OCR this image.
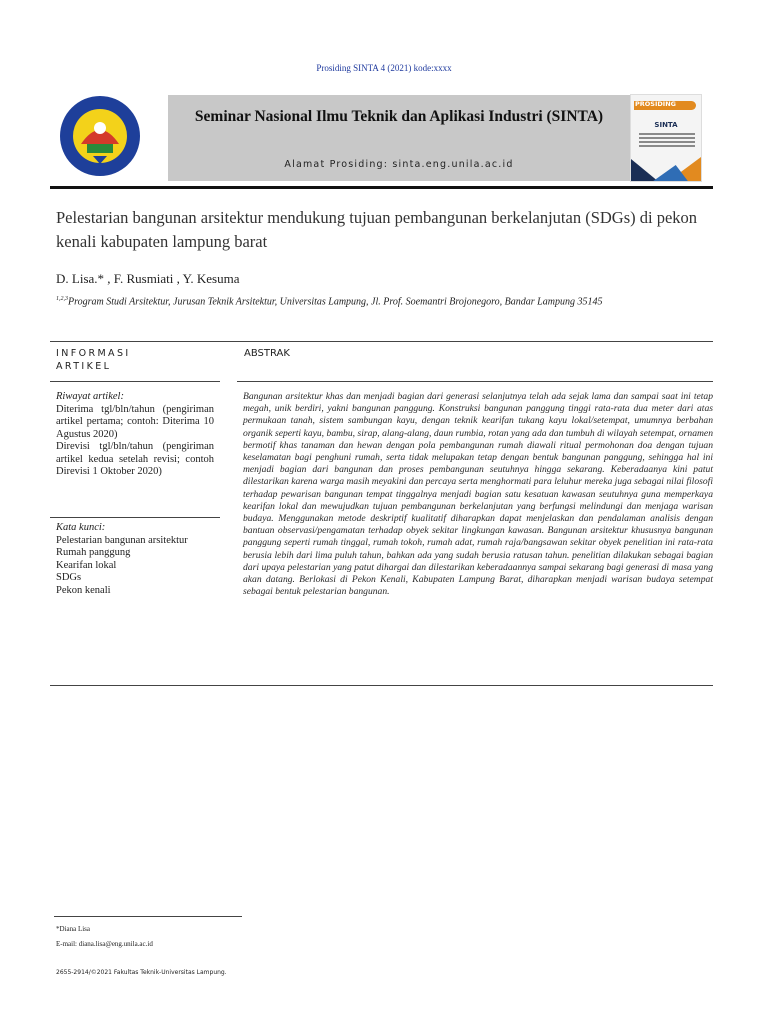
Prosiding SINTA 4 (2021) kode:xxxx
Seminar Nasional Ilmu Teknik dan Aplikasi Industri (SINTA)
Alamat Prosiding: sinta.eng.unila.ac.id
PROSIDING
SINTA
Pelestarian bangunan arsitektur mendukung tujuan pembangunan berkelanjutan (SDGs) di pekon kenali kabupaten lampung barat
D. Lisa.* , F. Rusmiati , Y. Kesuma
$^{1,2,3}$Program Studi Arsitektur, Jurusan Teknik Arsitektur, Universitas Lampung, Jl. Prof. Soemantri Brojonegoro, Bandar Lampung 35145
INFORMASI ARTIKEL
ABSTRAK
Riwayat artikel:
Diterima tgl/bln/tahun (pengiriman artikel pertama; contoh: Diterima 10 Agustus 2020)
Direvisi tgl/bln/tahun (pengiriman artikel kedua setelah revisi; contoh Direvisi 1 Oktober 2020)
Kata kunci:
Pelestarian bangunan arsitektur
Rumah panggung
Kearifan lokal
SDGs
Pekon kenali
Bangunan arsitektur khas dan menjadi bagian dari generasi selanjutnya telah ada sejak lama dan sampai saat ini tetap megah, unik berdiri, yakni bangunan panggung. Konstruksi bangunan panggung tinggi rata-rata dua meter dari atas permukaan tanah, sistem sambungan kayu, dengan teknik kearifan tukang kayu lokal/setempat, umumnya berbahan organik seperti kayu, bambu, sirap, alang-alang, daun rumbia, rotan yang ada dan tumbuh di wilayah setempat, ornamen bermotif khas tanaman dan hewan dengan pola pembangunan rumah diawali ritual permohonan doa dengan tujuan keselamatan bagi penghuni rumah, serta tidak melupakan tetap dengan bentuk bangunan panggung, sehingga hal ini menjadi bagian dari bangunan dan proses pembangunan seutuhnya hingga sekarang. Keberadaanya kini patut dilestarikan karena warga masih meyakini dan percaya serta menghormati para leluhur mereka juga sebagai nilai filosofi terhadap pewarisan bangunan tempat tinggalnya menjadi bagian satu kesatuan kawasan seutuhnya guna memperkaya kearifan lokal dan mewujudkan tujuan pembangunan berkelanjutan yang berfungsi melindungi dan menjaga warisan budaya. Menggunakan metode deskriptif kualitatif diharapkan dapat menjelaskan dan pendalaman analisis dengan bantuan observasi/pengamatan terhadap obyek sekitar lingkungan kawasan. Bangunan arsitektur khususnya bangunan panggung seperti rumah tinggal, rumah tokoh, rumah adat, rumah raja/bangsawan sekitar obyek penelitian ini rata-rata berusia lebih dari lima puluh tahun, bahkan ada yang sudah berusia ratusan tahun. penelitian dilakukan sebagai bagian dari upaya pelestarian yang patut dihargai dan dilestarikan keberadaannya sampai sekarang bagi generasi di masa yang akan datang. Berlokasi di Pekon Kenali, Kabupaten Lampung Barat, diharapkan menjadi warisan budaya setempat sebagai bentuk pelestarian bangunan.
*Diana Lisa
E-mail: diana.lisa@eng.unila.ac.id
2655-2914/©2021 Fakultas Teknik-Universitas Lampung.
